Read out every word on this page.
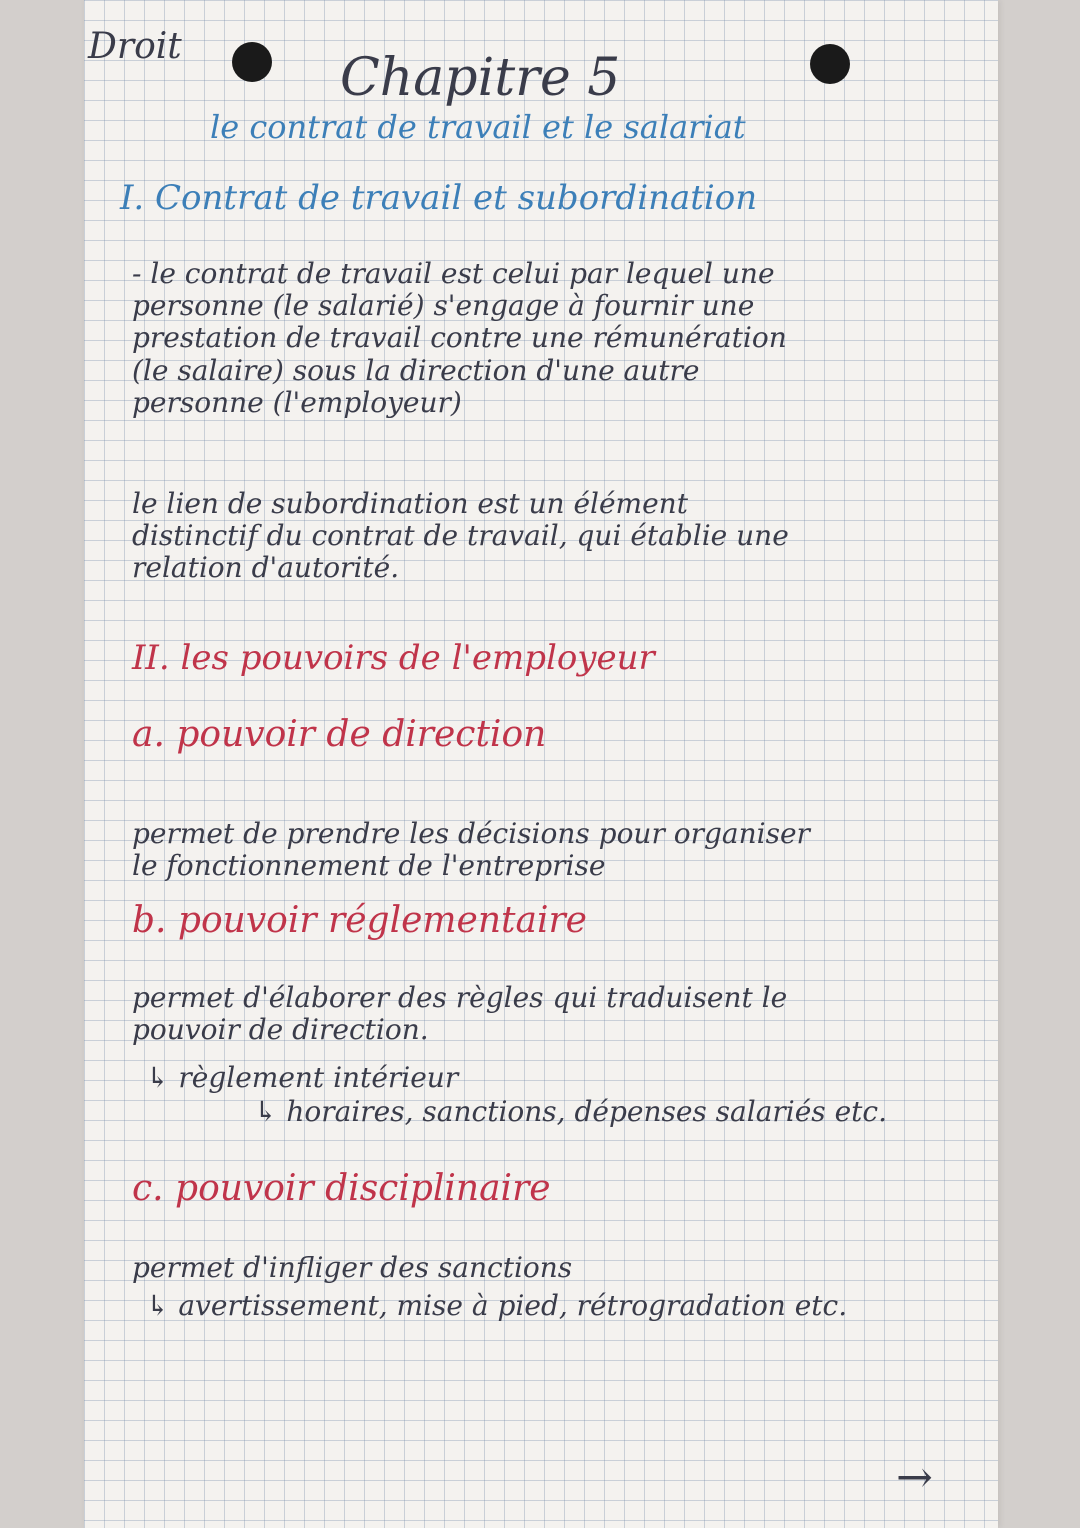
Droit

Chapitre 5

le contrat de travail et le salariat

I. Contrat de travail et subordination

- le contrat de travail est celui par lequel une
personne (le salarié) s'engage à fournir une
prestation de travail contre une rémunération
(le salaire) sous la direction d'une autre
personne (l'employeur)
le lien de subordination est un élément
distinctif du contrat de travail, qui établie une
relation d'autorité.

II. les pouvoirs de l'employeur

a. pouvoir de direction

permet de prendre les décisions pour organiser
le fonctionnement de l'entreprise

b. pouvoir réglementaire

permet d'élaborer des règles qui traduisent le
pouvoir de direction.

↳ règlement intérieur

↳ horaires, sanctions, dépenses salariés etc.

c. pouvoir disciplinaire

permet d'infliger des sanctions

↳ avertissement, mise à pied, rétrogradation etc.

→
